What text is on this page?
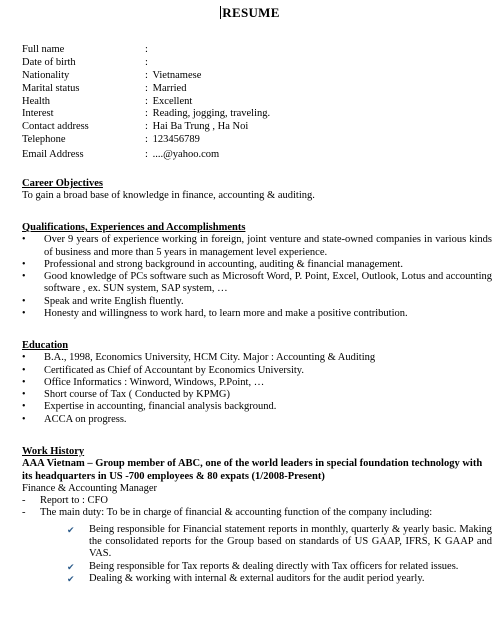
RESUME
Full name	:
Date of birth	:
Nationality	: Vietnamese
Marital status	: Married
Health	: Excellent
Interest	: Reading, jogging, traveling.
Contact address	: Hai Ba Trung , Ha Noi
Telephone	: 123456789
Email Address	: ....@yahoo.com
Career Objectives
To gain a broad base of knowledge in finance, accounting & auditing.
Qualifications, Experiences and Accomplishments
• Over 9 years of experience working in foreign, joint venture and state-owned companies in various kinds of business and more than 5 years in management level experience.
• Professional and strong background in accounting, auditing & financial management.
• Good knowledge of PCs software such as Microsoft Word, P. Point, Excel, Outlook, Lotus and accounting software , ex. SUN system, SAP system, …
• Speak and write English fluently.
• Honesty and willingness to work hard, to learn more and make a positive contribution.
Education
• B.A., 1998, Economics University, HCM City. Major : Accounting & Auditing
• Certificated as Chief of Accountant by Economics University.
• Office Informatics : Winword, Windows, P.Point, …
• Short course of Tax ( Conducted by KPMG)
• Expertise in accounting, financial analysis background.
• ACCA on progress.
Work History
AAA Vietnam – Group member of ABC, one of the world leaders in special foundation technology with its headquarters in US -700 employees & 80 expats (1/2008-Present)
Finance & Accounting Manager
- Report to : CFO
- The main duty: To be in charge of financial & accounting function of the company including:
✔ Being responsible for Financial statement reports in monthly, quarterly & yearly basic. Making the consolidated reports for the Group based on standards of US GAAP, IFRS, K GAAP and VAS.
✔ Being responsible for Tax reports & dealing directly with Tax officers for related issues.
✔ Dealing & working with internal & external auditors for the audit period yearly.
